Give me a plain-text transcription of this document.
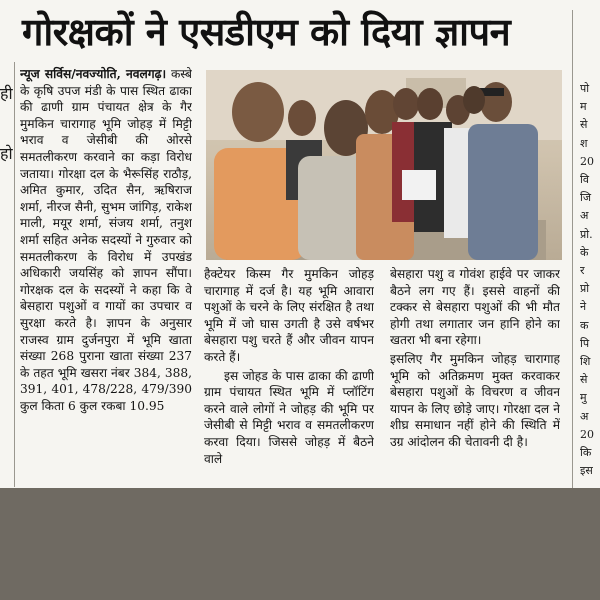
गोरक्षकों ने एसडीएम को दिया ज्ञापन
ही
हो
न्यूज सर्विस/नवज्योति, नवलगढ़। कस्बे के कृषि उपज मंडी के पास स्थित ढाका की ढाणी ग्राम पंचायत क्षेत्र के गैर मुमकिन चारागाह भूमि जोहड़ में मिट्टी भराव व जेसीबी की ओरसे समतलीकरण करवाने का कड़ा विरोध जताया। गोरक्षा दल के भैरूसिंह राठौड़, अमित कुमार, उदित सैन, ऋषिराज शर्मा, नीरज सैनी, सुभम जांगिड़, राकेश माली, मयूर शर्मा, संजय शर्मा, तनुश शर्मा सहित अनेक सदस्यों ने गुरुवार को समतलीकरण के विरोध में उपखंड अधिकारी जयसिंह को ज्ञापन सौंपा। गोरक्षक दल के सदस्यों ने कहा कि वे बेसहारा पशुओं व गायों का उपचार व सुरक्षा करते है। ज्ञापन के अनुसार राजस्व ग्राम दुर्जनपुरा में भूमि खाता संख्या 268 पुराना खाता संख्या 237 के तहत भूमि खसरा नंबर 384, 388, 391, 401, 478/228, 479/390 कुल किता 6 कुल रकबा 10.95
हैक्टेयर किस्म गैर मुमकिन जोहड़ चारागाह में दर्ज है। यह भूमि आवारा पशुओं के चरने के लिए संरक्षित है तथा भूमि में जो घास उगती है उसे वर्षभर बेसहारा पशु चरते हैं और जीवन यापन करते हैं।
इस जोहड के पास ढाका की ढाणी ग्राम पंचायत स्थित भूमि में प्लॉटिंग करने वाले लोगों ने जोहड़ की भूमि पर जेसीबी से मिट्टी भराव व समतलीकरण करवा दिया। जिससे जोहड़ में बैठने वाले
बेसहारा पशु व गोवंश हाईवे पर जाकर बैठने लग गए हैं। इससे वाहनों की टक्कर से बेसहारा पशुओं की भी मौत होगी तथा लगातार जन हानि होने का खतरा भी बना रहेगा।
इसलिए गैर मुमकिन जोहड़ चारागाह भूमि को अतिक्रमण मुक्त करवाकर बेसहारा पशुओं के विचरण व जीवन यापन के लिए छोड़े जाए। गोरक्षा दल ने शीघ्र समाधान नहीं होने की स्थिति में उग्र आंदोलन की चेतावनी दी है।
पो
म
से
श
20
वि
जि
अ
प्रो.
के
र
प्रो
ने
क
पि
शि
से
मु
अ
20
कि
इस
